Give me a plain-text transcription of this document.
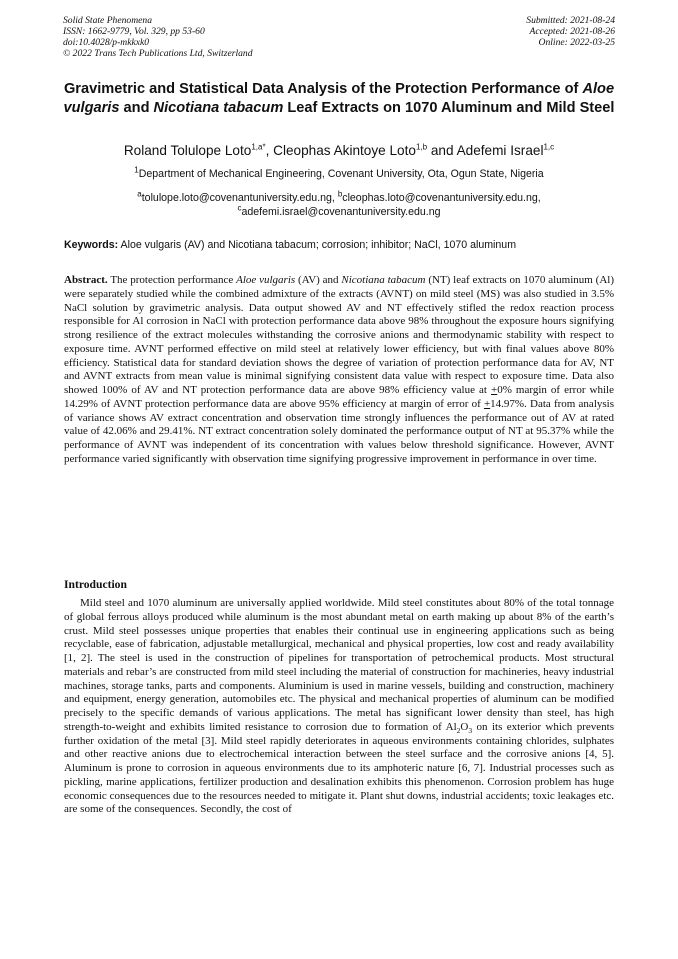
Solid State Phenomena
ISSN: 1662-9779, Vol. 329, pp 53-60
doi:10.4028/p-mkkxk0
© 2022 Trans Tech Publications Ltd, Switzerland
Submitted: 2021-08-24
Accepted: 2021-08-26
Online: 2022-03-25
Gravimetric and Statistical Data Analysis of the Protection Performance of Aloe vulgaris and Nicotiana tabacum Leaf Extracts on 1070 Aluminum and Mild Steel
Roland Tolulope Loto$^{1,a*}$, Cleophas Akintoye Loto$^{1,b}$ and Adefemi Israel$^{1,c}$
$^1$Department of Mechanical Engineering, Covenant University, Ota, Ogun State, Nigeria
$^a$tolulope.loto@covenantuniversity.edu.ng, $^b$cleophas.loto@covenantuniversity.edu.ng,
$^c$adefemi.israel@covenantuniversity.edu.ng
Keywords: Aloe vulgaris (AV) and Nicotiana tabacum; corrosion; inhibitor; NaCl, 1070 aluminum
Abstract. The protection performance Aloe vulgaris (AV) and Nicotiana tabacum (NT) leaf extracts on 1070 aluminum (Al) were separately studied while the combined admixture of the extracts (AVNT) on mild steel (MS) was also studied in 3.5% NaCl solution by gravimetric analysis. Data output showed AV and NT effectively stifled the redox reaction process responsible for Al corrosion in NaCl with protection performance data above 98% throughout the exposure hours signifying strong resilience of the extract molecules withstanding the corrosive anions and thermodynamic stability with respect to exposure time. AVNT performed effective on mild steel at relatively lower efficiency, but with final values above 80% efficiency. Statistical data for standard deviation shows the degree of variation of protection performance data for AV, NT and AVNT extracts from mean value is minimal signifying consistent data value with respect to exposure time. Data also showed 100% of AV and NT protection performance data are above 98% efficiency value at +0% margin of error while 14.29% of AVNT protection performance data are above 95% efficiency at margin of error of +14.97%. Data from analysis of variance shows AV extract concentration and observation time strongly influences the performance out of AV at rated value of 42.06% and 29.41%. NT extract concentration solely dominated the performance output of NT at 95.37% while the performance of AVNT was independent of its concentration with values below threshold significance. However, AVNT performance varied significantly with observation time signifying progressive improvement in performance in over time.
Introduction
Mild steel and 1070 aluminum are universally applied worldwide. Mild steel constitutes about 80% of the total tonnage of global ferrous alloys produced while aluminum is the most abundant metal on earth making up about 8% of the earth’s crust. Mild steel possesses unique properties that enables their continual use in engineering applications such as being recyclable, ease of fabrication, adjustable metallurgical, mechanical and physical properties, low cost and ready availability [1, 2]. The steel is used in the construction of pipelines for transportation of petrochemical products. Most structural materials and rebar’s are constructed from mild steel including the material of construction for machineries, heavy industrial machines, storage tanks, parts and components. Aluminium is used in marine vessels, building and construction, machinery and equipment, energy generation, automobiles etc. The physical and mechanical properties of aluminum can be modified precisely to the specific demands of various applications. The metal has significant lower density than steel, has high strength-to-weight and exhibits limited resistance to corrosion due to formation of $Al_2O_3$ on its exterior which prevents further oxidation of the metal [3]. Mild steel rapidly deteriorates in aqueous environments containing chlorides, sulphates and other reactive anions due to electrochemical interaction between the steel surface and the corrosive anions [4, 5]. Aluminum is prone to corrosion in aqueous environments due to its amphoteric nature [6, 7]. Industrial processes such as pickling, marine applications, fertilizer production and desalination exhibits this phenomenon. Corrosion problem has huge economic consequences due to the resources needed to mitigate it. Plant shut downs, industrial accidents; toxic leakages etc. are some of the consequences. Secondly, the cost of
